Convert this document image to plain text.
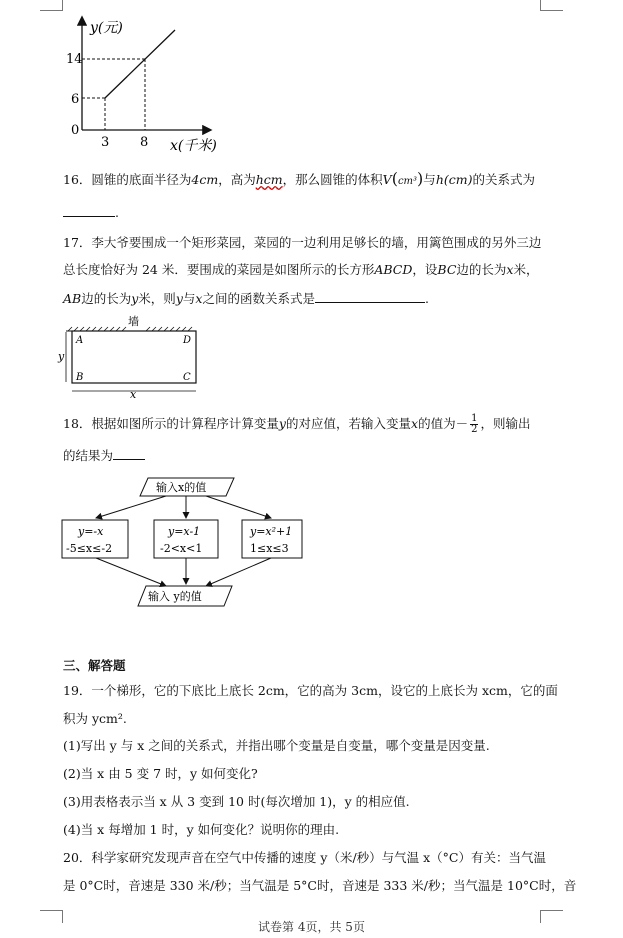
y(元)
x(千米)
14
6
0
3 8
16．圆锥的底面半径为4cm，高为hcm，那么圆锥的体积V(cm³)与h(cm)的关系式为
.
17．李大爷要围成一个矩形菜园，菜园的一边利用足够长的墙，用篱笆围成的另外三边
总长度恰好为 24 米．要围成的菜园是如图所示的长方形ABCD，设BC边的长为x米，
AB边的长为y米，则y与x之间的函数关系式是	.
墙
A	D
B	C
y
x
18．根据如图所示的计算程序计算变量y的对应值，若输入变量x的值为－ $\frac{1}{2}$ ，则输出
的结果为
输入x的值
y=-x
-5≤x≤-2
y=x-1
-2<x<1
y=x²+1
1≤x≤3
输入 y的值
三、解答题
19．一个梯形，它的下底比上底长 2cm，它的高为 3cm，设它的上底长为 xcm，它的面
积为 ycm².
(1)写出 y 与 x 之间的关系式，并指出哪个变量是自变量，哪个变量是因变量.
(2)当 x 由 5 变 7 时，y 如何变化?
(3)用表格表示当 x 从 3 变到 10 时(每次增加 1)，y 的相应值.
(4)当 x 每增加 1 时，y 如何变化？说明你的理由.
20．科学家研究发现声音在空气中传播的速度 y（米/秒）与气温 x（°C）有关：当气温
是 0°C时，音速是 330 米/秒；当气温是 5°C时，音速是 333 米/秒；当气温是 10°C时，音
试卷第 4页，共 5页
